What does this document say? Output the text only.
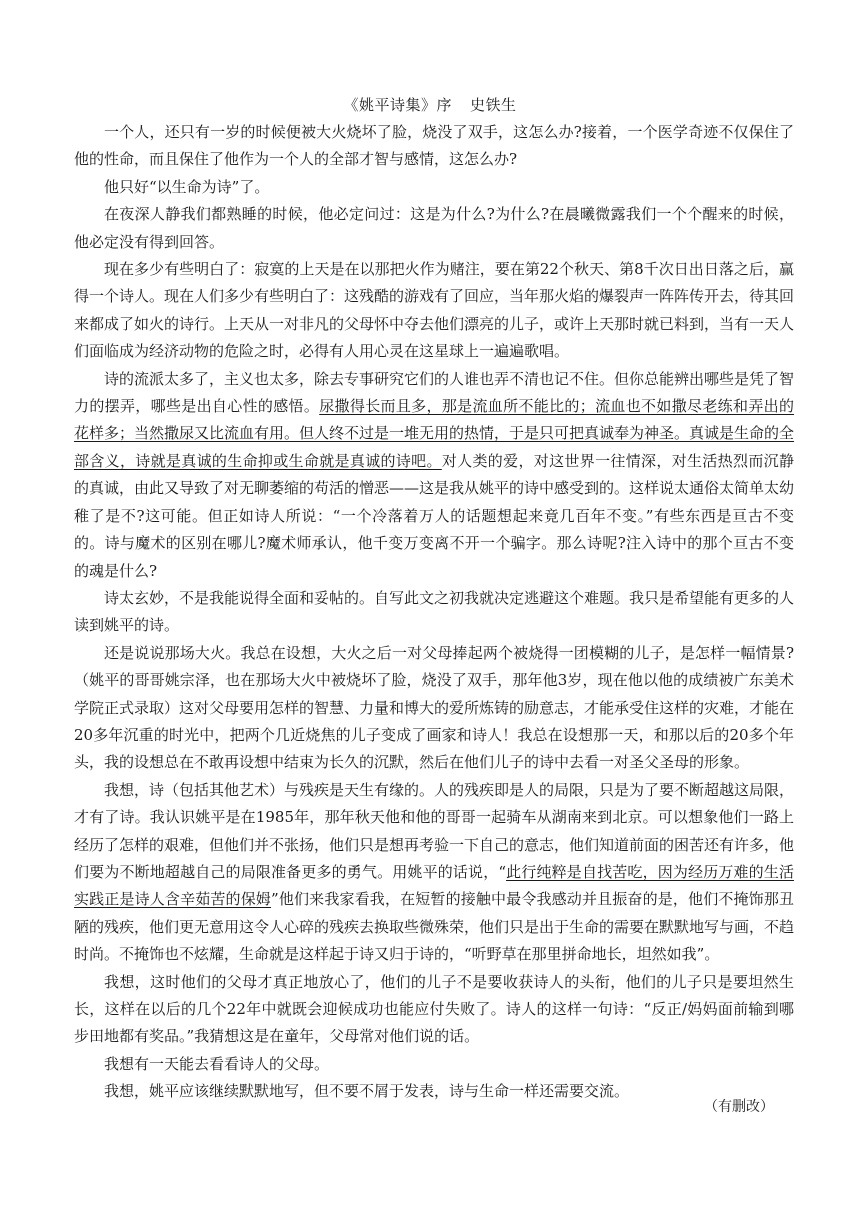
《姚平诗集》序 史铁生

一个人，还只有一岁的时候便被大火烧坏了脸，烧没了双手，这怎么办?接着，一个医学奇迹不仅保住了他的性命，而且保住了他作为一个人的全部才智与感情，这怎么办?

他只好“以生命为诗”了。

在夜深人静我们都熟睡的时候，他必定问过：这是为什么?为什么?在晨曦微露我们一个个醒来的时候，他必定没有得到回答。

现在多少有些明白了：寂寞的上天是在以那把火作为赌注，要在第22个秋天、第8千次日出日落之后，赢得一个诗人。现在人们多少有些明白了：这残酷的游戏有了回应，当年那火焰的爆裂声一阵阵传开去，待其回来都成了如火的诗行。上天从一对非凡的父母怀中夺去他们漂亮的儿子，或许上天那时就已料到，当有一天人们面临成为经济动物的危险之时，必得有人用心灵在这星球上一遍遍歌唱。

诗的流派太多了，主义也太多，除去专事研究它们的人谁也弄不清也记不住。但你总能辨出哪些是凭了智力的摆弄，哪些是出自心性的感悟。尿撒得长而且多，那是流血所不能比的；流血也不如撒尽老练和弄出的花样多；当然撒尿又比流血有用。但人终不过是一堆无用的热情，于是只可把真诚奉为神圣。真诚是生命的全部含义，诗就是真诚的生命抑或生命就是真诚的诗吧。对人类的爱，对这世界一往情深，对生活热烈而沉静的真诚，由此又导致了对无聊萎缩的苟活的憎恶——这是我从姚平的诗中感受到的。这样说太通俗太简单太幼稚了是不?这可能。但正如诗人所说：“一个冷落着万人的话题想起来竟几百年不变。”有些东西是亘古不变的。诗与魔术的区别在哪儿?魔术师承认，他千变万变离不开一个骗字。那么诗呢?注入诗中的那个亘古不变的魂是什么?

诗太玄妙，不是我能说得全面和妥帖的。自写此文之初我就决定逃避这个难题。我只是希望能有更多的人读到姚平的诗。

还是说说那场大火。我总在设想，大火之后一对父母捧起两个被烧得一团模糊的儿子，是怎样一幅情景?（姚平的哥哥姚宗泽，也在那场大火中被烧坏了脸，烧没了双手，那年他3岁，现在他以他的成绩被广东美术学院正式录取）这对父母要用怎样的智慧、力量和博大的爱所炼铸的励意志，才能承受住这样的灾难，才能在20多年沉重的时光中，把两个几近烧焦的儿子变成了画家和诗人！我总在设想那一天，和那以后的20多个年头，我的设想总在不敢再设想中结束为长久的沉默，然后在他们儿子的诗中去看一对圣父圣母的形象。

我想，诗（包括其他艺术）与残疾是天生有缘的。人的残疾即是人的局限，只是为了要不断超越这局限，才有了诗。我认识姚平是在1985年，那年秋天他和他的哥哥一起骑车从湖南来到北京。可以想象他们一路上经历了怎样的艰难，但他们并不张扬，他们只是想再考验一下自己的意志，他们知道前面的困苦还有许多，他们要为不断地超越自己的局限准备更多的勇气。用姚平的话说，“此行纯粹是自找苦吃，因为经历万难的生活实践正是诗人含辛茹苦的保姆”他们来我家看我，在短暂的接触中最令我感动并且振奋的是，他们不掩饰那丑陋的残疾，他们更无意用这令人心碎的残疾去换取些微殊荣，他们只是出于生命的需要在默默地写与画，不趋时尚。不掩饰也不炫耀，生命就是这样起于诗又归于诗的，“听野草在那里拼命地长，坦然如我”。

我想，这时他们的父母才真正地放心了，他们的儿子不是要收获诗人的头衔，他们的儿子只是要坦然生长，这样在以后的几个22年中就既会迎候成功也能应付失败了。诗人的这样一句诗：“反正/妈妈面前输到哪步田地都有奖品。”我猜想这是在童年，父母常对他们说的话。

我想有一天能去看看诗人的父母。

我想，姚平应该继续默默地写，但不要不屑于发表，诗与生命一样还需要交流。

（有删改）
